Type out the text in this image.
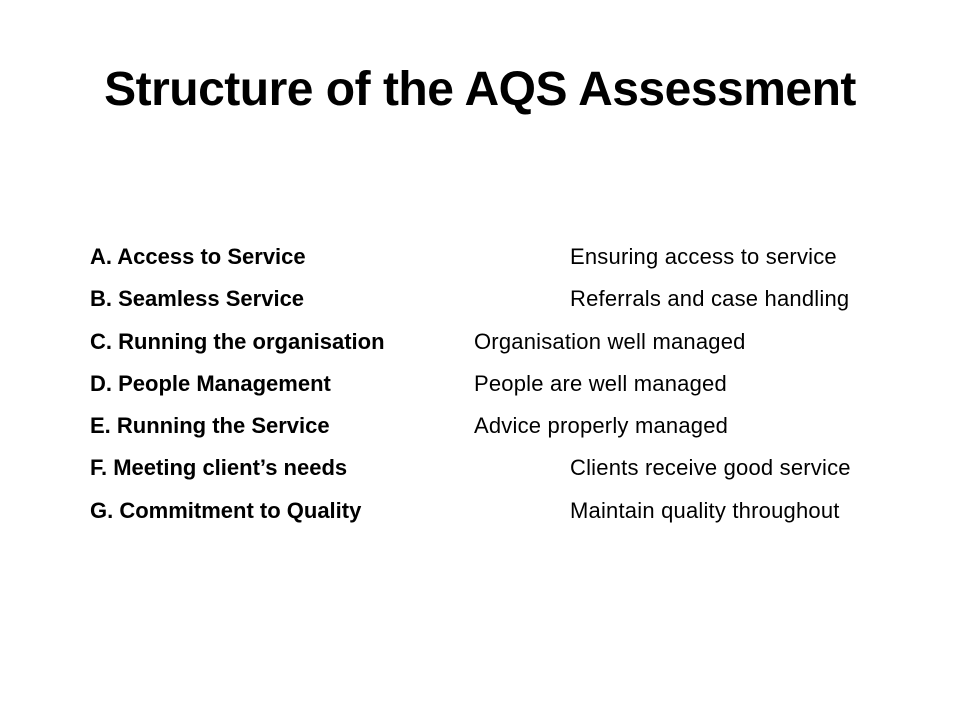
Structure of the AQS Assessment
A. Access to Service	Ensuring access to service
B. Seamless Service	Referrals and case handling
C. Running the organisation	Organisation well managed
D. People Management	People are well managed
E. Running the Service	Advice properly managed
F. Meeting client’s needs	Clients receive good service
G. Commitment to Quality	Maintain quality throughout
